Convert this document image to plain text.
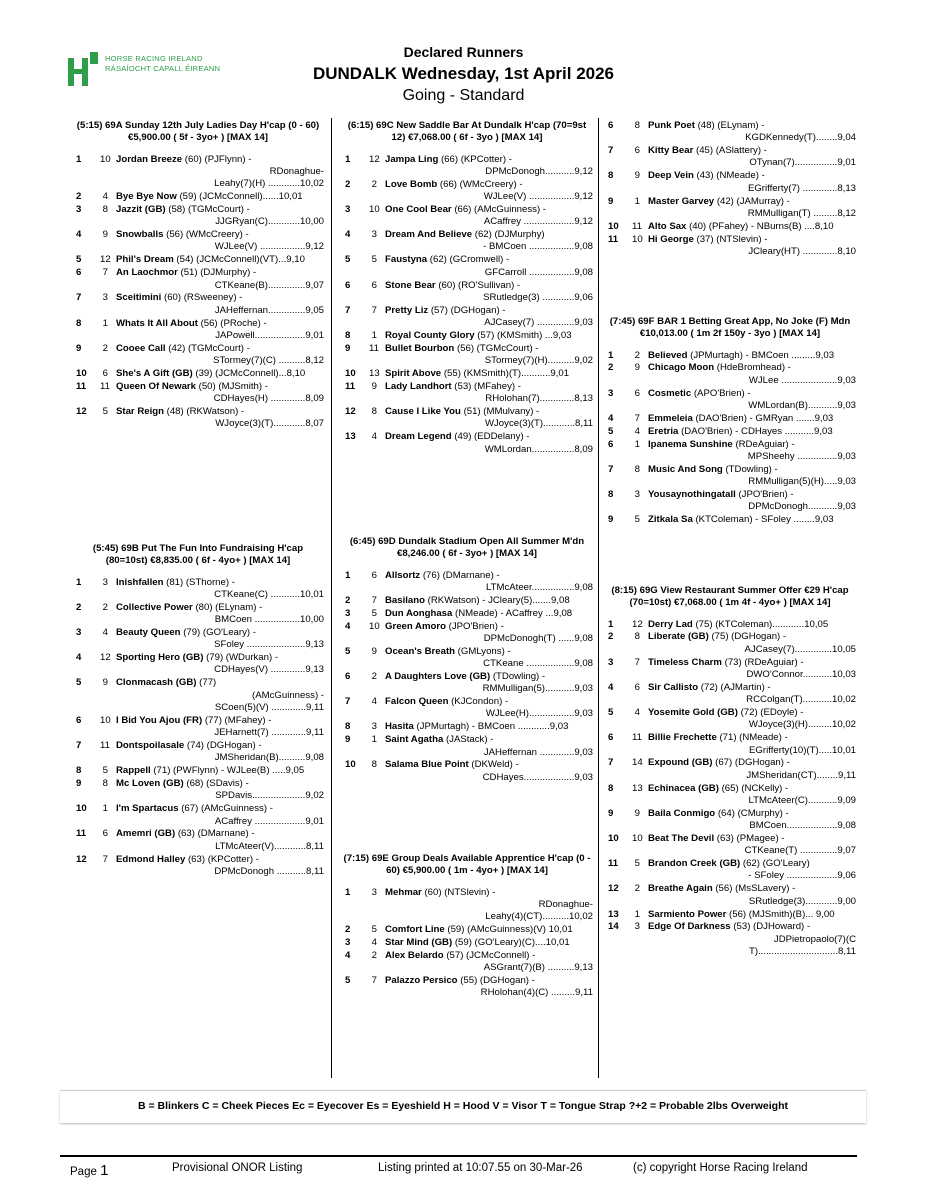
HORSE RACING IRELAND
RÁSAÍOCHT CAPALL ÉIREANN
Declared Runners
DUNDALK Wednesday, 1st April 2026
Going - Standard
(5:15) 69A Sunday 12th July Ladies Day H'cap (0 - 60) €5,900.00 ( 5f - 3yo+ ) [MAX 14]
1 10 Jordan Breeze (60) (PJFlynn) -
RDonaghue-
Leahy(7)(H) ............10,02
2 4 Bye Bye Now (59) (JCMcConnell)......10,01
3 8 Jazzit (GB) (58) (TGMcCourt) -
JJGRyan(C)............10,00
4 9 Snowballs (56) (WMcCreery) -
WJLee(V) .................9,12
5 12 Phil's Dream (54) (JCMcConnell)(VT)...9,10
6 7 An Laochmor (51) (DJMurphy) -
CTKeane(B)..............9,07
7 3 Sceitimini (60) (RSweeney) -
JAHeffernan..............9,05
8 1 Whats It All About (56) (PRoche) -
JAPowell...................9,01
9 2 Cooee Call (42) (TGMcCourt) -
STormey(7)(C) ..........8,12
10 6 She's A Gift (GB) (39) (JCMcConnell)...8,10
11 11 Queen Of Newark (50) (MJSmith) -
CDHayes(H) .............8,09
12 5 Star Reign (48) (RKWatson) -
WJoyce(3)(T)............8,07
(5:45) 69B Put The Fun Into Fundraising H'cap (80=10st) €8,835.00 ( 6f - 4yo+ ) [MAX 14]
1 3 Inishfallen (81) (SThorne) -
CTKeane(C) ...........10,01
2 2 Collective Power (80) (ELynam) -
BMCoen .................10,00
3 4 Beauty Queen (79) (GO'Leary) -
SFoley ......................9,13
4 12 Sporting Hero (GB) (79) (WDurkan) -
CDHayes(V) .............9,13
5 9 Clonmacash (GB) (77)
(AMcGuinness) -
SCoen(5)(V) .............9,11
6 10 I Bid You Ajou (FR) (77) (MFahey) -
JEHarnett(7) .............9,11
7 11 Dontspoilasale (74) (DGHogan) -
JMSheridan(B)..........9,08
8 5 Rappell (71) (PWFlynn) - WJLee(B) .....9,05
9 8 Mc Loven (GB) (68) (SDavis) -
SPDavis....................9,02
10 1 I'm Spartacus (67) (AMcGuinness) -
ACaffrey ...................9,01
11 6 Amemri (GB) (63) (DMarnane) -
LTMcAteer(V)............8,11
12 7 Edmond Halley (63) (KPCotter) -
DPMcDonogh ...........8,11
(6:15) 69C New Saddle Bar At Dundalk H'cap (70=9st 12) €7,068.00 ( 6f - 3yo ) [MAX 14]
1 12 Jampa Ling (66) (KPCotter) -
DPMcDonogh...........9,12
2 2 Love Bomb (66) (WMcCreery) -
WJLee(V) .................9,12
3 10 One Cool Bear (66) (AMcGuinness) -
ACaffrey ...................9,12
4 3 Dream And Believe (62) (DJMurphy)
- BMCoen .................9,08
5 5 Faustyna (62) (GCromwell) -
GFCarroll .................9,08
6 6 Stone Bear (60) (RO'Sullivan) -
SRutledge(3) ............9,06
7 7 Pretty Liz (57) (DGHogan) -
AJCasey(7) ..............9,03
8 1 Royal County Glory (57) (KMSmith) ...9,03
9 11 Bullet Bourbon (56) (TGMcCourt) -
STormey(7)(H)..........9,02
10 13 Spirit Above (55) (KMSmith)(T)...........9,01
11 9 Lady Landhort (53) (MFahey) -
RHolohan(7).............8,13
12 8 Cause I Like You (51) (MMulvany) -
WJoyce(3)(T)............8,11
13 4 Dream Legend (49) (EDDelany) -
WMLordan................8,09
(6:45) 69D Dundalk Stadium Open All Summer M'dn €8,246.00 ( 6f - 3yo+ ) [MAX 14]
1 6 Allsortz (76) (DMarnane) -
LTMcAteer................9,08
2 7 Basilano (RKWatson) - JCleary(5).......9,08
3 5 Dun Aonghasa (NMeade) - ACaffrey ...9,08
4 10 Green Amoro (JPO'Brien) -
DPMcDonogh(T) ......9,08
5 9 Ocean's Breath (GMLyons) -
CTKeane ..................9,08
6 2 A Daughters Love (GB) (TDowling) -
RMMulligan(5)...........9,03
7 4 Falcon Queen (KJCondon) -
WJLee(H).................9,03
8 3 Hasita (JPMurtagh) - BMCoen ............9,03
9 1 Saint Agatha (JAStack) -
JAHeffernan .............9,03
10 8 Salama Blue Point (DKWeld) -
CDHayes...................9,03
(7:15) 69E Group Deals Available Apprentice H'cap (0 - 60) €5,900.00 ( 1m - 4yo+ ) [MAX 14]
1 3 Mehmar (60) (NTSlevin) -
RDonaghue-
Leahy(4)(CT)..........10,02
2 5 Comfort Line (59) (AMcGuinness)(V) 10,01
3 4 Star Mind (GB) (59) (GO'Leary)(C)....10,01
4 2 Alex Belardo (57) (JCMcConnell) -
ASGrant(7)(B) ..........9,13
5 7 Palazzo Persico (55) (DGHogan) -
RHolohan(4)(C) .........9,11
6 8 Punk Poet (48) (ELynam) -
KGDKennedy(T)........9,04
7 6 Kitty Bear (45) (ASlattery) -
OTynan(7)................9,01
8 9 Deep Vein (43) (NMeade) -
EGrifferty(7) .............8,13
9 1 Master Garvey (42) (JAMurray) -
RMMulligan(T) .........8,12
10 11 Alto Sax (40) (PFahey) - NBurns(B) ....8,10
11 10 Hi George (37) (NTSlevin) -
JCleary(HT) .............8,10
(7:45) 69F BAR 1 Betting Great App, No Joke (F) Mdn €10,013.00 ( 1m 2f 150y - 3yo ) [MAX 14]
1 2 Believed (JPMurtagh) - BMCoen .........9,03
2 9 Chicago Moon (HdeBromhead) -
WJLee .....................9,03
3 6 Cosmetic (APO'Brien) -
WMLordan(B)...........9,03
4 7 Emmeleia (DAO'Brien) - GMRyan .......9,03
5 4 Eretria (DAO'Brien) - CDHayes ...........9,03
6 1 Ipanema Sunshine (RDeAguiar) -
MPSheehy ...............9,03
7 8 Music And Song (TDowling) -
RMMulligan(5)(H).....9,03
8 3 Yousaynothingatall (JPO'Brien) -
DPMcDonogh...........9,03
9 5 Zitkala Sa (KTColeman) - SFoley ........9,03
(8:15) 69G View Restaurant Summer Offer €29 H'cap (70=10st) €7,068.00 ( 1m 4f - 4yo+ ) [MAX 14]
1 12 Derry Lad (75) (KTColeman)............10,05
2 8 Liberate (GB) (75) (DGHogan) -
AJCasey(7)..............10,05
3 7 Timeless Charm (73) (RDeAguiar) -
DWO'Connor...........10,03
4 6 Sir Callisto (72) (AJMartin) -
RCColgan(T)...........10,02
5 4 Yosemite Gold (GB) (72) (EDoyle) -
WJoyce(3)(H).........10,02
6 11 Billie Frechette (71) (NMeade) -
EGrifferty(10)(T).....10,01
7 14 Expound (GB) (67) (DGHogan) -
JMSheridan(CT)........9,11
8 13 Echinacea (GB) (65) (NCKelly) -
LTMcAteer(C)...........9,09
9 9 Baila Conmigo (64) (CMurphy) -
BMCoen...................9,08
10 10 Beat The Devil (63) (PMagee) -
CTKeane(T) ..............9,07
11 5 Brandon Creek (GB) (62) (GO'Leary)
- SFoley ...................9,06
12 2 Breathe Again (56) (MsSLavery) -
SRutledge(3)............9,00
13 1 Sarmiento Power (56) (MJSmith)(B)... 9,00
14 3 Edge Of Darkness (53) (DJHoward) -
JDPietropaolo(7)(C
T)..............................8,11
B = Blinkers C = Cheek Pieces Ec = Eyecover Es = Eyeshield H = Hood V = Visor T = Tongue Strap ?+2 = Probable 2lbs Overweight
Page 1	Provisional ONOR Listing	Listing printed at 10:07.55 on 30-Mar-26	(c) copyright Horse Racing Ireland
